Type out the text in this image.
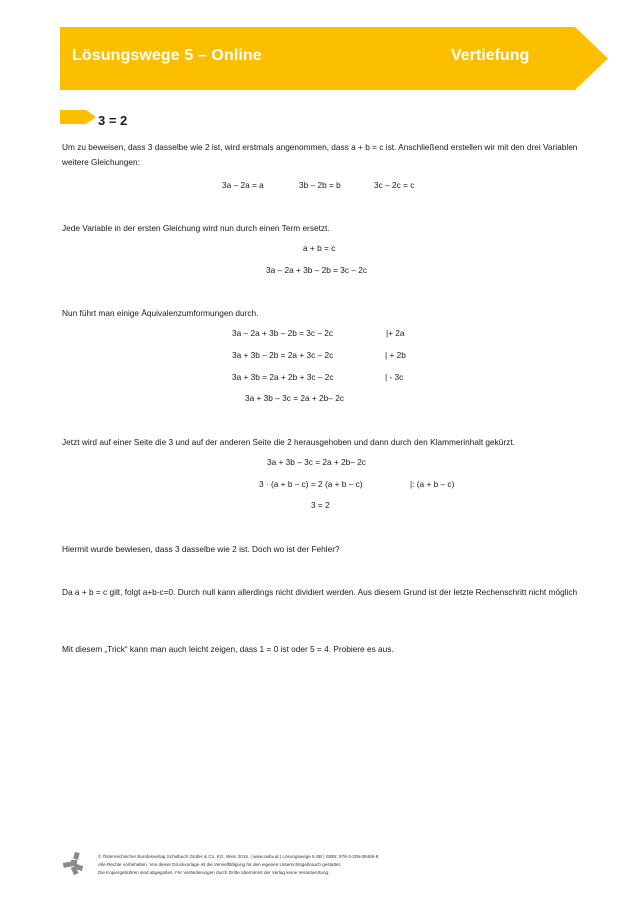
Lösungswege 5 – Online	Vertiefung
3 = 2
Um zu beweisen, dass 3 dasselbe wie 2 ist, wird erstmals angenommen, dass a + b = c ist. Anschließend erstellen wir mit den drei Variablen weitere Gleichungen:
3a – 2a = a	3b – 2b = b	3c – 2c = c
Jede Variable in der ersten Gleichung wird nun durch einen Term ersetzt.
a + b = c
3a – 2a + 3b – 2b = 3c – 2c
Nun führt man einige Äquivalenzumformungen durch.
3a – 2a + 3b – 2b = 3c – 2c	|+ 2a
3a + 3b – 2b = 2a + 3c – 2c	| + 2b
3a + 3b = 2a + 2b + 3c – 2c	| - 3c
3a + 3b – 3c = 2a + 2b– 2c
Jetzt wird auf einer Seite die 3 und auf der anderen Seite die 2 herausgehoben und dann durch den Klammerinhalt gekürzt.
3a + 3b – 3c = 2a + 2b– 2c
3 · (a + b – c) = 2 (a + b – c)	|: (a + b – c)
3 = 2
Hiermit wurde bewiesen, dass 3 dasselbe wie 2 ist. Doch wo ist der Fehler?
Da a + b = c gilt, folgt a+b-c=0. Durch null kann allerdings nicht dividiert werden. Aus diesem Grund ist der letzte Rechenschritt nicht möglich
Mit diesem „Trick“ kann man auch leicht zeigen, dass 1 = 0 ist oder 5 = 4. Probiere es aus.
© Österreichischer Bundesverlag Schulbuch GmbH & Co. KG, Wien 2015. | www.oebv.at | Lösungswege 5 SB | ISBN: 978-3-209-08466-8
Alle Rechte vorbehalten. Von dieser Druckvorlage ist die Vervielfältigung für den eigenen Unterrichtsgebrauch gestattet.
Die Kopiergebühren sind abgegolten. Für Veränderungen durch Dritte übernimmt der Verlag keine Verantwortung.
